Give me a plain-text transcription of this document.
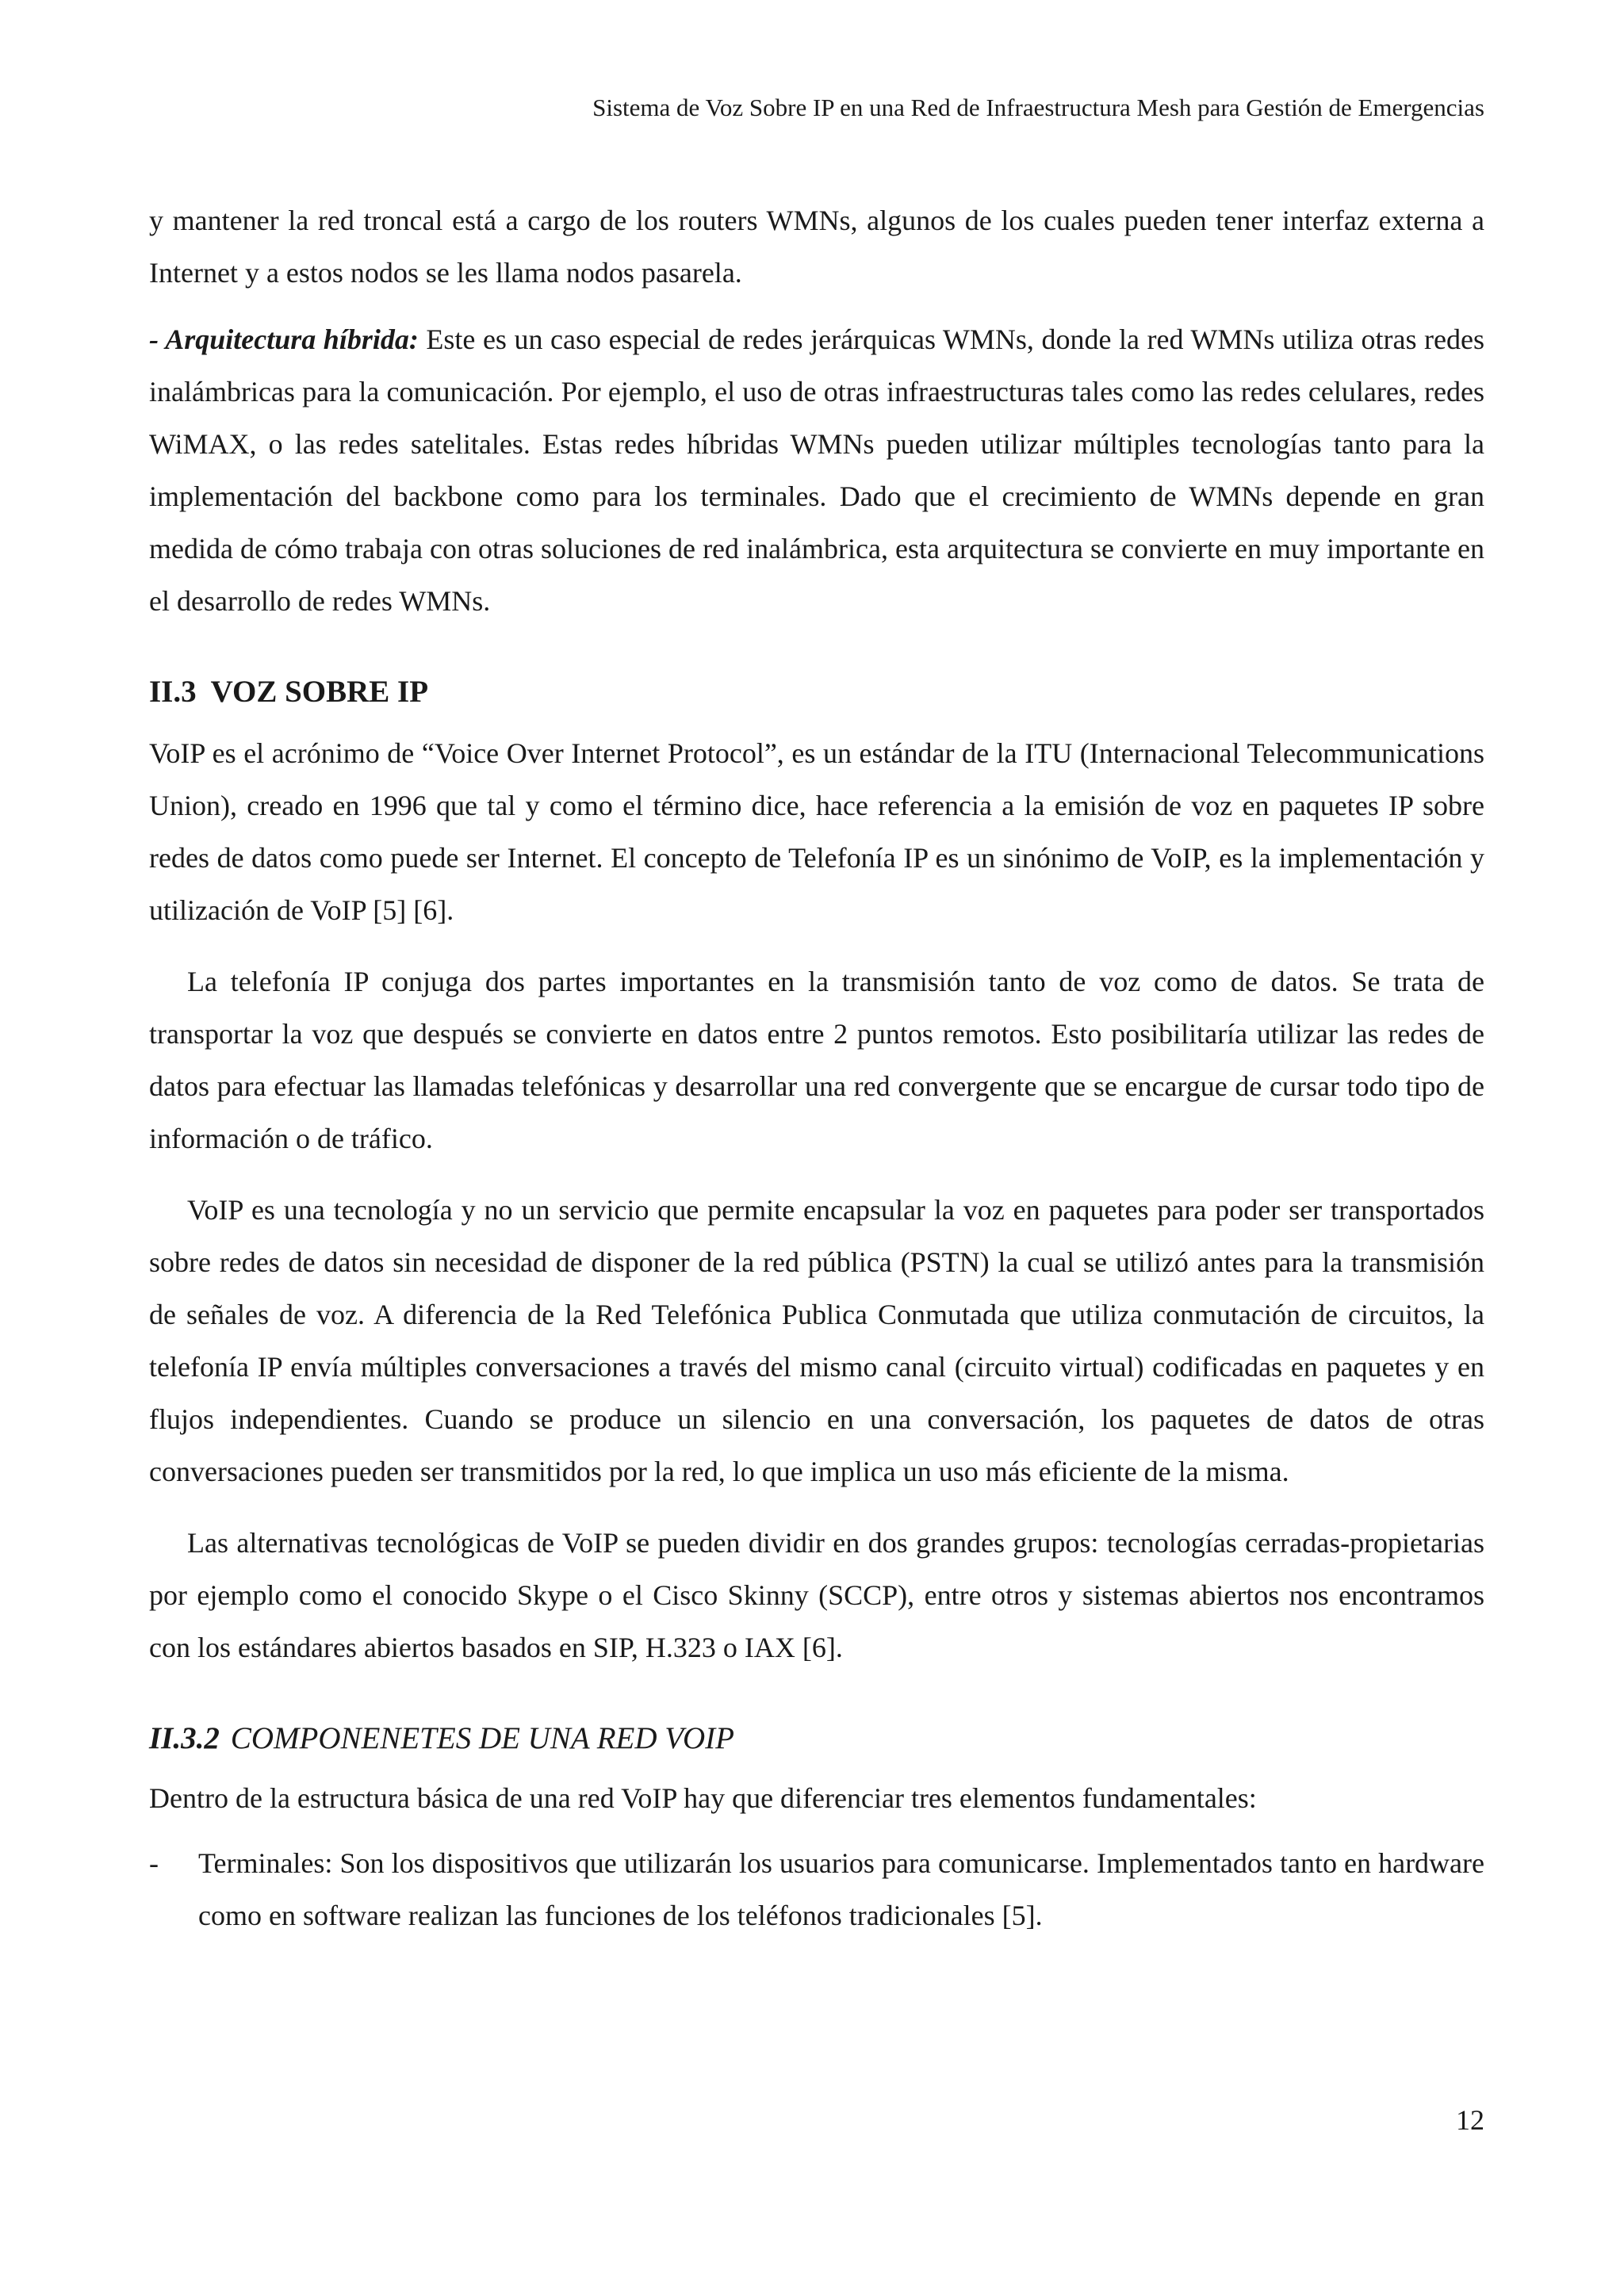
Sistema de Voz Sobre IP en una Red de Infraestructura Mesh para Gestión de Emergencias

y mantener la red troncal está a cargo de los routers WMNs, algunos de los cuales pueden tener interfaz externa a Internet y a estos nodos se les llama nodos pasarela.

- Arquitectura híbrida: Este es un caso especial de redes jerárquicas WMNs, donde la red WMNs utiliza otras redes inalámbricas para la comunicación. Por ejemplo, el uso de otras infraestructuras tales como las redes celulares, redes WiMAX, o las redes satelitales. Estas redes híbridas WMNs pueden utilizar múltiples tecnologías tanto para la implementación del backbone como para los terminales. Dado que el crecimiento de WMNs depende en gran medida de cómo trabaja con otras soluciones de red inalámbrica, esta arquitectura se convierte en muy importante en el desarrollo de redes WMNs.

II.3 VOZ SOBRE IP

VoIP es el acrónimo de “Voice Over Internet Protocol”, es un estándar de la ITU (Internacional Telecommunications Union), creado en 1996 que tal y como el término dice, hace referencia a la emisión de voz en paquetes IP sobre redes de datos como puede ser Internet. El concepto de Telefonía IP es un sinónimo de VoIP, es la implementación y utilización de VoIP [5] [6].

La telefonía IP conjuga dos partes importantes en la transmisión tanto de voz como de datos. Se trata de transportar la voz que después se convierte en datos entre 2 puntos remotos. Esto posibilitaría utilizar las redes de datos para efectuar las llamadas telefónicas y desarrollar una red convergente que se encargue de cursar todo tipo de información o de tráfico.

VoIP es una tecnología y no un servicio que permite encapsular la voz en paquetes para poder ser transportados sobre redes de datos sin necesidad de disponer de la red pública (PSTN) la cual se utilizó antes para la transmisión de señales de voz. A diferencia de la Red Telefónica Publica Conmutada que utiliza conmutación de circuitos, la telefonía IP envía múltiples conversaciones a través del mismo canal (circuito virtual) codificadas en paquetes y en flujos independientes. Cuando se produce un silencio en una conversación, los paquetes de datos de otras conversaciones pueden ser transmitidos por la red, lo que implica un uso más eficiente de la misma.

Las alternativas tecnológicas de VoIP se pueden dividir en dos grandes grupos: tecnologías cerradas-propietarias por ejemplo como el conocido Skype o el Cisco Skinny (SCCP), entre otros y sistemas abiertos nos encontramos con los estándares abiertos basados en SIP, H.323 o IAX [6].

II.3.2 COMPONENETES DE UNA RED VOIP

Dentro de la estructura básica de una red VoIP hay que diferenciar tres elementos fundamentales:

- Terminales: Son los dispositivos que utilizarán los usuarios para comunicarse. Implementados tanto en hardware como en software realizan las funciones de los teléfonos tradicionales [5].

12
